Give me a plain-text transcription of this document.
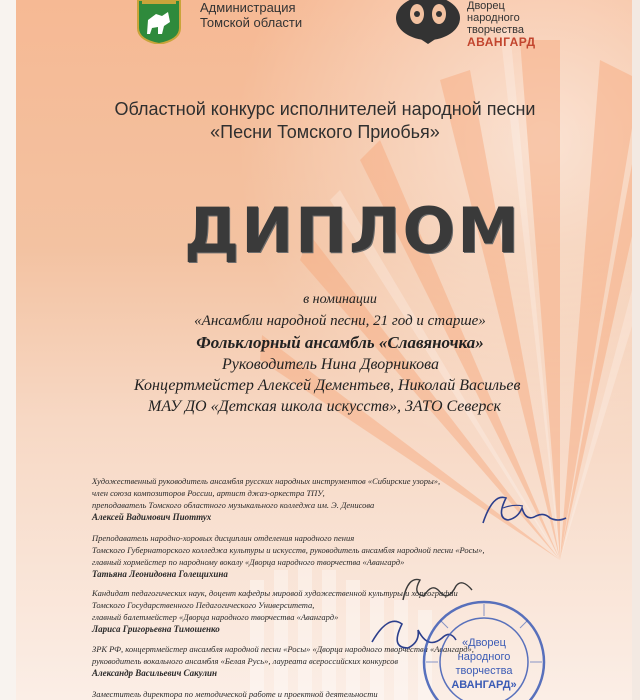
Администрация
Томской области
Дворец
народного
творчества
АВАНГАРД
Областной конкурс исполнителей народной песни
«Песни Томского Приобья»
ДИПЛОМ
в номинации
«Ансамбли народной песни, 21 год и старше»
Фольклорный ансамбль «Славяночка»
Руководитель Нина Дворникова
Концертмейстер Алексей Дементьев, Николай Васильев
МАУ ДО «Детская школа искусств», ЗАТО Северск
Художественный руководитель ансамбля русских народных инструментов «Сибирские узоры»,
член союза композиторов России, артист джаз-оркестра ТПУ,
преподаватель Томского областного музыкального колледжа им. Э. Денисова
Алексей Вадимович Пиоттух
Преподаватель народно-хоровых дисциплин отделения народного пения
Томского Губернаторского колледжа культуры и искусств, руководитель ансамбля народной песни «Росы»,
главный хормейстер по народному вокалу «Дворца народного творчества «Авангард»
Татьяна Леонидовна Голещихина
Кандидат педагогических наук, доцент кафедры мировой художественной культуры и хореографии
Томского Государственного Педагогического Университета,
главный балетмейстер «Дворца народного творчества «Авангард»
Лариса Григорьевна Тимошенко
ЗРК РФ, концертмейстер ансамбля народной песни «Росы» «Дворца народного творчества «Авангард»,
руководитель вокального ансамбля «Белая Русь», лауреата всероссийских конкурсов
Александр Васильевич Сакулин
Заместитель директора по методической работе и проектной деятельности
«Дворец
народного
творчества
АВАНГАРД»
